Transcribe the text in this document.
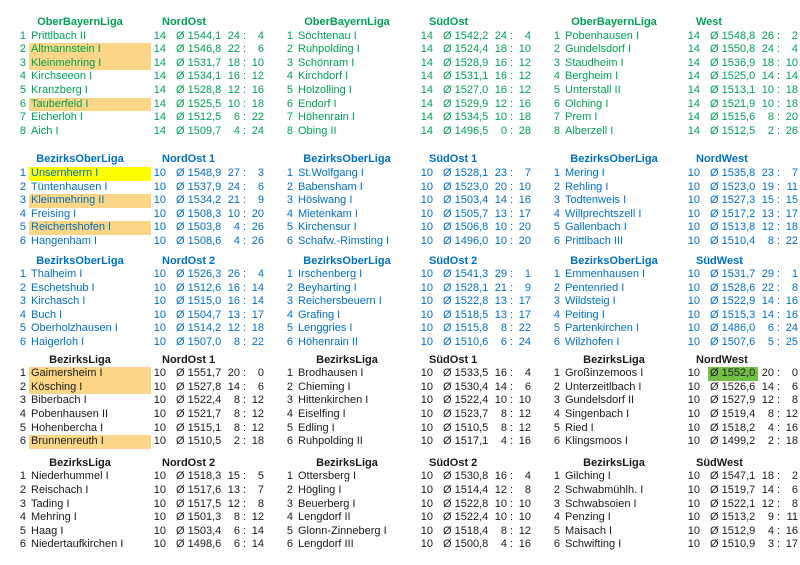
OberBayernLiga	NordOst
1 Prittlbach II	14 Ø 1544,1 24 :	4
2 Altmannstein I	14 Ø 1546,8 22 :	6
3 Kleinmehring I	14 Ø 1531,7 18 : 10
4 Kirchseeon I	14 Ø 1534,1 16 : 12
5 Kranzberg I	14 Ø 1528,8 12 : 16
6 Tauberfeld I	14 Ø 1525,5 10 : 18
7 Eicherloh I	14 Ø 1512,5	6 : 22
8 Aich I	14 Ø 1509,7	4 : 24
BezirksOberLiga	NordOst 1
1 Unsernherrn I	10 Ø 1548,9 27 :	3
2 Tüntenhausen I	10 Ø 1537,9 24 :	6
3 Kleinmehring II	10 Ø 1534,2 21 :	9
4 Freising I	10 Ø 1508,3 10 : 20
5 Reichertshofen I	10 Ø 1503,8	4 : 26
6 Hangenham I	10 Ø 1508,6	4 : 26
BezirksOberLiga	NordOst 2
1 Thalheim I	10 Ø 1526,3 26 :	4
2 Eschetshub I	10 Ø 1512,6 16 : 14
3 Kirchasch I	10 Ø 1515,0 16 : 14
4 Buch I	10 Ø 1504,7 13 : 17
5 Oberholzhausen I	10 Ø 1514,2 12 : 18
6 Haigerloh I	10 Ø 1507,0	8 : 22
BezirksLiga	NordOst 1
1 Gaimersheim I	10 Ø 1551,7 20 :	0
2 Kösching I	10 Ø 1527,8 14 :	6
3 Biberbach I	10 Ø 1522,4	8 : 12
4 Pobenhausen II	10 Ø 1521,7	8 : 12
5 Hohenbercha I	10 Ø 1515,1	8 : 12
6 Brunnenreuth I	10 Ø 1510,5	2 : 18
BezirksLiga	NordOst 2
1 Niederhummel I	10 Ø 1518,3 15 :	5
2 Reischach I	10 Ø 1517,6 13 :	7
3 Tading I	10 Ø 1517,5 12 :	8
4 Mehring I	10 Ø 1501,3	8 : 12
5 Haag I	10 Ø 1503,4	6 : 14
6 Niedertaufkirchen I	10 Ø 1498,6	6 : 14
OberBayernLiga	SüdOst
1 Söchtenau I	14 Ø 1542,2 24 :	4
2 Ruhpolding I	14 Ø 1524,4 18 : 10
3 Schönram I	14 Ø 1528,9 16 : 12
4 Kirchdorf I	14 Ø 1531,1 16 : 12
5 Holzolling I	14 Ø 1527,0 16 : 12
6 Endorf I	14 Ø 1529,9 12 : 16
7 Höhenrain I	14 Ø 1534,5 10 : 18
8 Obing II	14 Ø 1496,5	0 : 28
BezirksOberLiga	SüdOst 1
1 St.Wolfgang I	10 Ø 1528,1 23 :	7
2 Babensham I	10 Ø 1523,0 20 : 10
3 Höslwang I	10 Ø 1503,4 14 : 16
4 Mietenkam I	10 Ø 1505,7 13 : 17
5 Kirchensur I	10 Ø 1506,8 10 : 20
6 Schafw.-Rimsting I	10 Ø 1496,0 10 : 20
BezirksOberLiga	SüdOst 2
1 Irschenberg I	10 Ø 1541,3 29 :	1
2 Beyharting I	10 Ø 1528,1 21 :	9
3 Reichersbeuern I	10 Ø 1522,8 13 : 17
4 Grafing I	10 Ø 1518,5 13 : 17
5 Lenggries I	10 Ø 1515,8	8 : 22
6 Höhenrain II	10 Ø 1510,6	6 : 24
BezirksLiga	SüdOst 1
1 Brodhausen I	10 Ø 1533,5 16 :	4
2 Chieming I	10 Ø 1530,4 14 :	6
3 Hittenkirchen I	10 Ø 1522,4 10 : 10
4 Eiselfing I	10 Ø 1523,7	8 : 12
5 Edling I	10 Ø 1510,5	8 : 12
6 Ruhpolding II	10 Ø 1517,1	4 : 16
BezirksLiga	SüdOst 2
1 Ottersberg I	10 Ø 1530,8 16 :	4
2 Högling I	10 Ø 1514,4 12 :	8
3 Beuerberg I	10 Ø 1522,8 10 : 10
4 Lengdorf II	10 Ø 1522,4 10 : 10
5 Glonn-Zinneberg I	10 Ø 1518,4	8 : 12
6 Lengdorf III	10 Ø 1500,8	4 : 16
OberBayernLiga	West
1 Pobenhausen I	14 Ø 1548,8 26 :	2
2 Gundelsdorf I	14 Ø 1550,8 24 :	4
3 Staudheim I	14 Ø 1536,9 18 : 10
4 Bergheim I	14 Ø 1525,0 14 : 14
5 Unterstall II	14 Ø 1513,1 10 : 18
6 Olching I	14 Ø 1521,9 10 : 18
7 Prem I	14 Ø 1515,6	8 : 20
8 Alberzell I	14 Ø 1512,5	2 : 26
BezirksOberLiga	NordWest
1 Mering I	10 Ø 1535,8 23 :	7
2 Rehling I	10 Ø 1523,0 19 : 11
3 Todtenweis I	10 Ø 1527,3 15 : 15
4 Willprechtszell I	10 Ø 1517,2 13 : 17
5 Gallenbach I	10 Ø 1513,8 12 : 18
6 Prittlbach III	10 Ø 1510,4	8 : 22
BezirksOberLiga	SüdWest
1 Emmenhausen I	10 Ø 1531,7 29 :	1
2 Pentenried I	10 Ø 1528,6 22 :	8
3 Wildsteig I	10 Ø 1522,9 14 : 16
4 Peiting I	10 Ø 1515,3 14 : 16
5 Partenkirchen I	10 Ø 1486,0	6 : 24
6 Wilzhofen I	10 Ø 1507,6	5 : 25
BezirksLiga	NordWest
1 Großinzemoos I	10 Ø 1552,0 20 :	0
2 Unterzeitlbach I	10 Ø 1526,6 14 :	6
3 Gundelsdorf II	10 Ø 1527,9 12 :	8
4 Singenbach I	10 Ø 1519,4	8 : 12
5 Ried I	10 Ø 1518,2	4 : 16
6 Klingsmoos I	10 Ø 1499,2	2 : 18
BezirksLiga	SüdWest
1 Gilching I	10 Ø 1547,1 18 :	2
2 Schwabmühlh. I	10 Ø 1519,7 14 :	6
3 Schwabsoien I	10 Ø 1522,1 12 :	8
4 Penzing I	10 Ø 1513,2	9 : 11
5 Maisach I	10 Ø 1512,9	4 : 16
6 Schwifting I	10 Ø 1510,9	3 : 17
